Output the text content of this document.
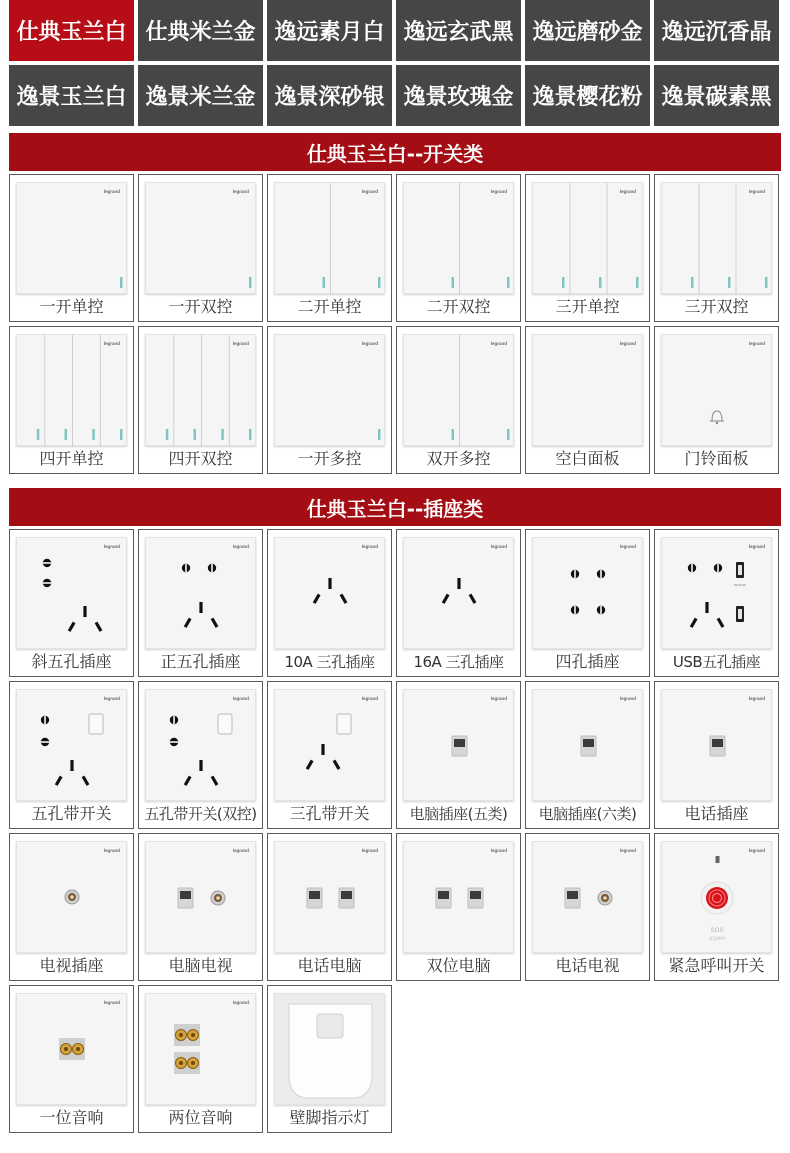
仕典玉兰白 仕典米兰金 逸远素月白 逸远玄武黑 逸远磨砂金 逸远沉香晶
逸景玉兰白 逸景米兰金 逸景深砂银 逸景玫瑰金 逸景樱花粉 逸景碳素黑
仕典玉兰白--开关类
legrand
一开单控
legrand
一开双控
legrand
二开单控
legrand
二开双控
legrand
三开单控
legrand
三开双控
legrand
四开单控
legrand
四开双控
legrand
一开多控
legrand
双开多控
legrand
空白面板
legrand
门铃面板
仕典玉兰白--插座类
legrand
斜五孔插座
legrand
正五孔插座
legrand
10A 三孔插座
legrand
16A 三孔插座
legrand
四孔插座
5V=2.4A
legrand
USB五孔插座
legrand
五孔带开关
legrand
五孔带开关(双控)
legrand
三孔带开关
legrand
电脑插座(五类)
legrand
电脑插座(六类)
legrand
电话插座
legrand
电视插座
legrand
电脑电视
legrand
电话电脑
legrand
双位电脑
legrand
电话电视
SOS
紧急呼叫
legrand
紧急呼叫开关
legrand
一位音响
legrand
两位音响	壁脚指示灯
